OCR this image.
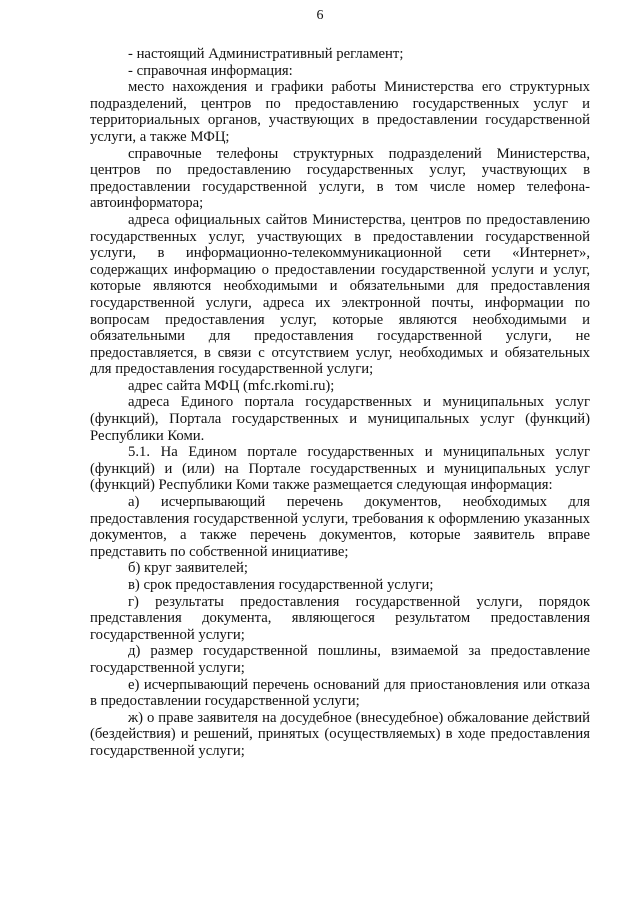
6

- настоящий Административный регламент;

- справочная информация:

место нахождения и графики работы Министерства его структурных подразделений, центров по предоставлению государственных услуг и территориальных органов, участвующих в предоставлении государственной услуги, а также МФЦ;

справочные телефоны структурных подразделений Министерства, центров по предоставлению государственных услуг, участвующих в предоставлении государственной услуги, в том числе номер телефона-автоинформатора;

адреса официальных сайтов Министерства, центров по предоставлению государственных услуг, участвующих в предоставлении государственной услуги, в информационно-телекоммуникационной сети «Интернет», содержащих информацию о предоставлении государственной услуги и услуг, которые являются необходимыми и обязательными для предоставления государственной услуги, адреса их электронной почты, информации по вопросам предоставления услуг, которые являются необходимыми и обязательными для предоставления государственной услуги, не предоставляется, в связи с отсутствием услуг, необходимых и обязательных для предоставления государственной услуги;

адрес сайта МФЦ (mfc.rkomi.ru);

адреса Единого портала государственных и муниципальных услуг (функций), Портала государственных и муниципальных услуг (функций) Республики Коми.

5.1. На Едином портале государственных и муниципальных услуг (функций) и (или) на Портале государственных и муниципальных услуг (функций) Республики Коми также размещается следующая информация:

а) исчерпывающий перечень документов, необходимых для предоставления государственной услуги, требования к оформлению указанных документов, а также перечень документов, которые заявитель вправе представить по собственной инициативе;

б) круг заявителей;

в) срок предоставления государственной услуги;

г) результаты предоставления государственной услуги, порядок представления документа, являющегося результатом предоставления государственной услуги;

д) размер государственной пошлины, взимаемой за предоставление государственной услуги;

е) исчерпывающий перечень оснований для приостановления или отказа в предоставлении государственной услуги;

ж) о праве заявителя на досудебное (внесудебное) обжалование действий (бездействия) и решений, принятых (осуществляемых) в ходе предоставления государственной услуги;
